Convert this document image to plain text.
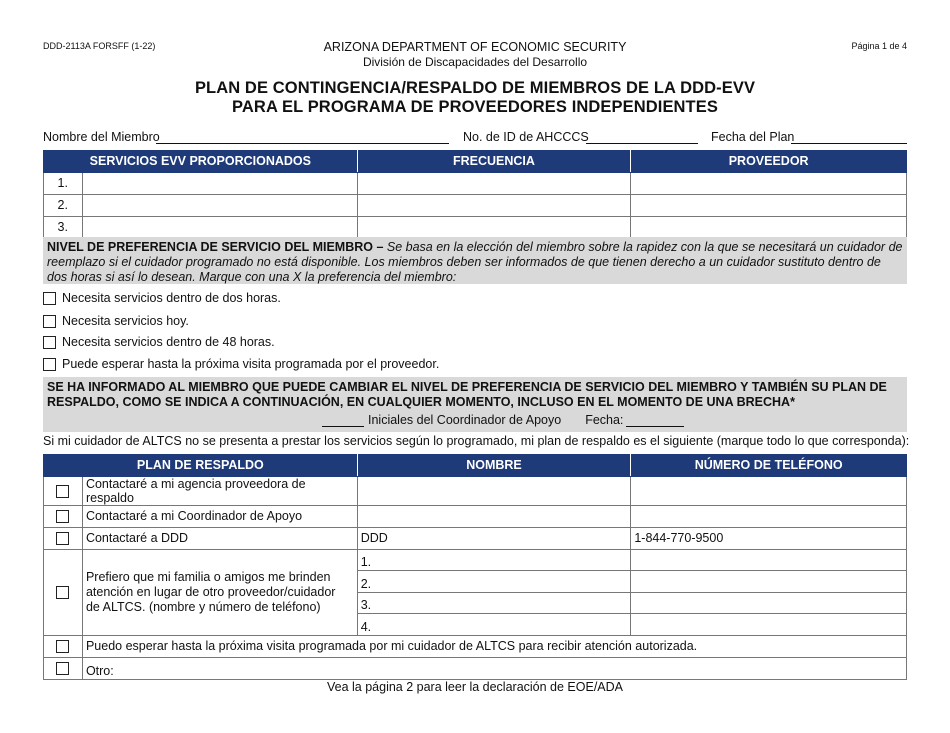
DDD-2113A FORSFF (1-22)	Página 1 de 4
ARIZONA DEPARTMENT OF ECONOMIC SECURITY
División de Discapacidades del Desarrollo
PLAN DE CONTINGENCIA/RESPALDO DE MIEMBROS DE LA DDD-EVV
PARA EL PROGRAMA DE PROVEEDORES INDEPENDIENTES
Nombre del Miembro	No. de ID de AHCCCS	Fecha del Plan
SERVICIOS EVV PROPORCIONADOS		FRECUENCIA	PROVEEDOR
1.			
2.			
3.			
NIVEL DE PREFERENCIA DE SERVICIO DEL MIEMBRO – Se basa en la elección del miembro sobre la rapidez con la que se necesitará un cuidador de reemplazo si el cuidador programado no está disponible. Los miembros deben ser informados de que tienen derecho a un cuidador sustituto dentro de dos horas si así lo desean. Marque con una X la preferencia del miembro:
Necesita servicios dentro de dos horas.
Necesita servicios hoy.
Necesita servicios dentro de 48 horas.
Puede esperar hasta la próxima visita programada por el proveedor.
SE HA INFORMADO AL MIEMBRO QUE PUEDE CAMBIAR EL NIVEL DE PREFERENCIA DE SERVICIO DEL MIEMBRO Y TAMBIÉN SU PLAN DE RESPALDO, COMO SE INDICA A CONTINUACIÓN, EN CUALQUIER MOMENTO, INCLUSO EN EL MOMENTO DE UNA BRECHA*
Iniciales del Coordinador de Apoyo Fecha:
Si mi cuidador de ALTCS no se presenta a prestar los servicios según lo programado, mi plan de respaldo es el siguiente (marque todo lo que corresponda):
PLAN DE RESPALDO		NOMBRE	NÚMERO DE TELÉFONO
	Contactaré a mi agencia proveedora de respaldo		
	Contactaré a mi Coordinador de Apoyo		
	Contactaré a DDD	DDD	1-844-770-9500
	Prefiero que mi familia o amigos me brinden atención en lugar de otro proveedor/cuidador de ALTCS. (nombre y número de teléfono)	1.	
		2.	
		3.	
		4.	
	Puedo esperar hasta la próxima visita programada por mi cuidador de ALTCS para recibir atención autorizada.		
	Otro:		
Vea la página 2 para leer la declaración de EOE/ADA
